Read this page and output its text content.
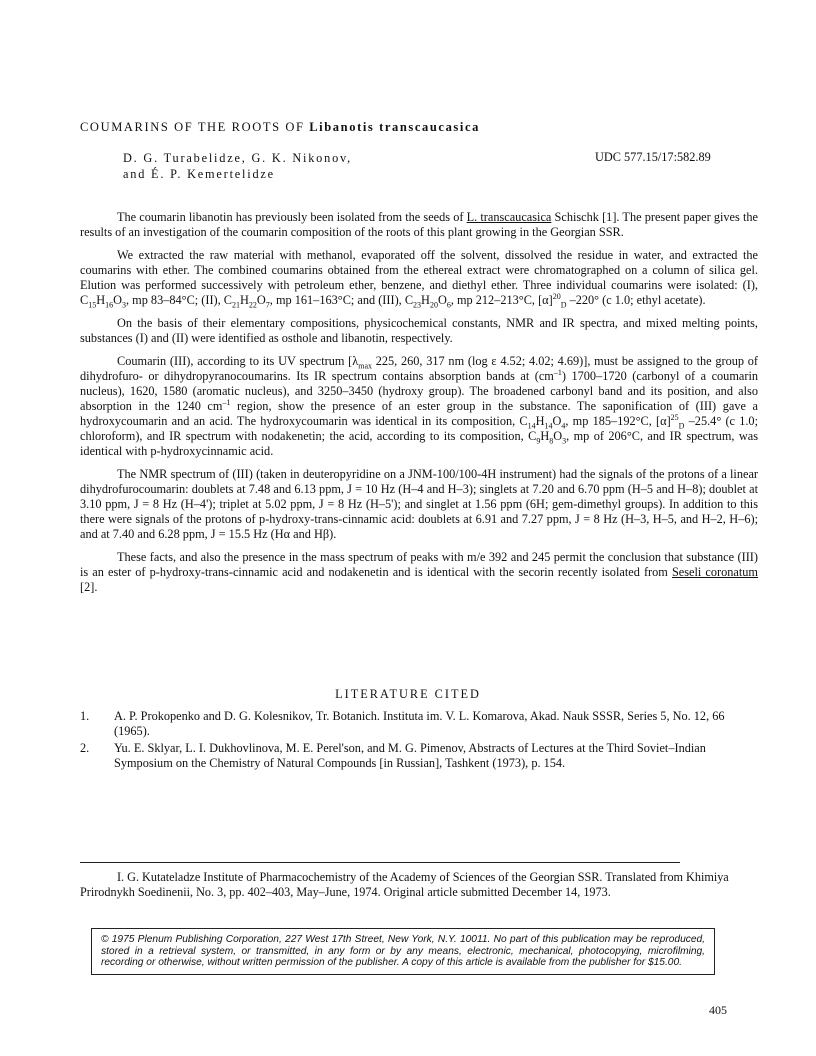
COUMARINS OF THE ROOTS OF Libanotis transcaucasica
D. G. Turabelidze, G. K. Nikonov,
and É. P. Kemertelidze
UDC 577.15/17:582.89

The coumarin libanotin has previously been isolated from the seeds of L. transcaucasica Schischk [1]. The present paper gives the results of an investigation of the coumarin composition of the roots of this plant growing in the Georgian SSR.

We extracted the raw material with methanol, evaporated off the solvent, dissolved the residue in water, and extracted the coumarins with ether. The combined coumarins obtained from the ethereal extract were chromatographed on a column of silica gel. Elution was performed successively with petroleum ether, benzene, and diethyl ether. Three individual coumarins were isolated: (I), $C_{15}H_{16}O_3$, mp 83–84°C; (II), $C_{21}H_{22}O_7$, mp 161–163°C; and (III), $C_{23}H_{20}O_6$, mp 212–213°C, $[\alpha]^{20}_D$ –220° (c 1.0; ethyl acetate).

On the basis of their elementary compositions, physicochemical constants, NMR and IR spectra, and mixed melting points, substances (I) and (II) were identified as osthole and libanotin, respectively.

Coumarin (III), according to its UV spectrum [$\lambda_{max}$ 225, 260, 317 nm (log ε 4.52; 4.02; 4.69)], must be assigned to the group of dihydrofuro- or dihydropyranocoumarins. Its IR spectrum contains absorption bands at $(cm^{-1})$ 1700–1720 (carbonyl of a coumarin nucleus), 1620, 1580 (aromatic nucleus), and 3250–3450 (hydroxy group). The broadened carbonyl band and its position, and also absorption in the 1240 $cm^{-1}$ region, show the presence of an ester group in the substance. The saponification of (III) gave a hydroxycoumarin and an acid. The hydroxycoumarin was identical in its composition, $C_{14}H_{14}O_4$, mp 185–192°C, $[\alpha]^{25}_D$ –25.4° (c 1.0; chloroform), and IR spectrum with nodakenetin; the acid, according to its composition, $C_9H_8O_3$, mp of 206°C, and IR spectrum, was identical with p-hydroxycinnamic acid.

The NMR spectrum of (III) (taken in deuteropyridine on a JNM-100/100-4H instrument) had the signals of the protons of a linear dihydrofurocoumarin: doublets at 7.48 and 6.13 ppm, J = 10 Hz (H–4 and H–3); singlets at 7.20 and 6.70 ppm (H–5 and H–8); doublet at 3.10 ppm, J = 8 Hz (H–4'); triplet at 5.02 ppm, J = 8 Hz (H–5'); and singlet at 1.56 ppm (6H; gem-dimethyl groups). In addition to this there were signals of the protons of p-hydroxy-trans-cinnamic acid: doublets at 6.91 and 7.27 ppm, J = 8 Hz (H–3, H–5, and H–2, H–6); and at 7.40 and 6.28 ppm, J = 15.5 Hz (Hα and Hβ).

These facts, and also the presence in the mass spectrum of peaks with m/e 392 and 245 permit the conclusion that substance (III) is an ester of p-hydroxy-trans-cinnamic acid and nodakenetin and is identical with the secorin recently isolated from Seseli coronatum [2].

LITERATURE CITED
1.	A. P. Prokopenko and D. G. Kolesnikov, Tr. Botanich. Instituta im. V. L. Komarova, Akad. Nauk SSSR, Series 5, No. 12, 66 (1965).
2.	Yu. E. Sklyar, L. I. Dukhovlinova, M. E. Perel'son, and M. G. Pimenov, Abstracts of Lectures at the Third Soviet–Indian Symposium on the Chemistry of Natural Compounds [in Russian], Tashkent (1973), p. 154.

I. G. Kutateladze Institute of Pharmacochemistry of the Academy of Sciences of the Georgian SSR. Translated from Khimiya Prirodnykh Soedinenii, No. 3, pp. 402–403, May–June, 1974. Original article submitted December 14, 1973.

© 1975 Plenum Publishing Corporation, 227 West 17th Street, New York, N.Y. 10011. No part of this publication may be reproduced, stored in a retrieval system, or transmitted, in any form or by any means, electronic, mechanical, photocopying, microfilming, recording or otherwise, without written permission of the publisher. A copy of this article is available from the publisher for $15.00.
405
